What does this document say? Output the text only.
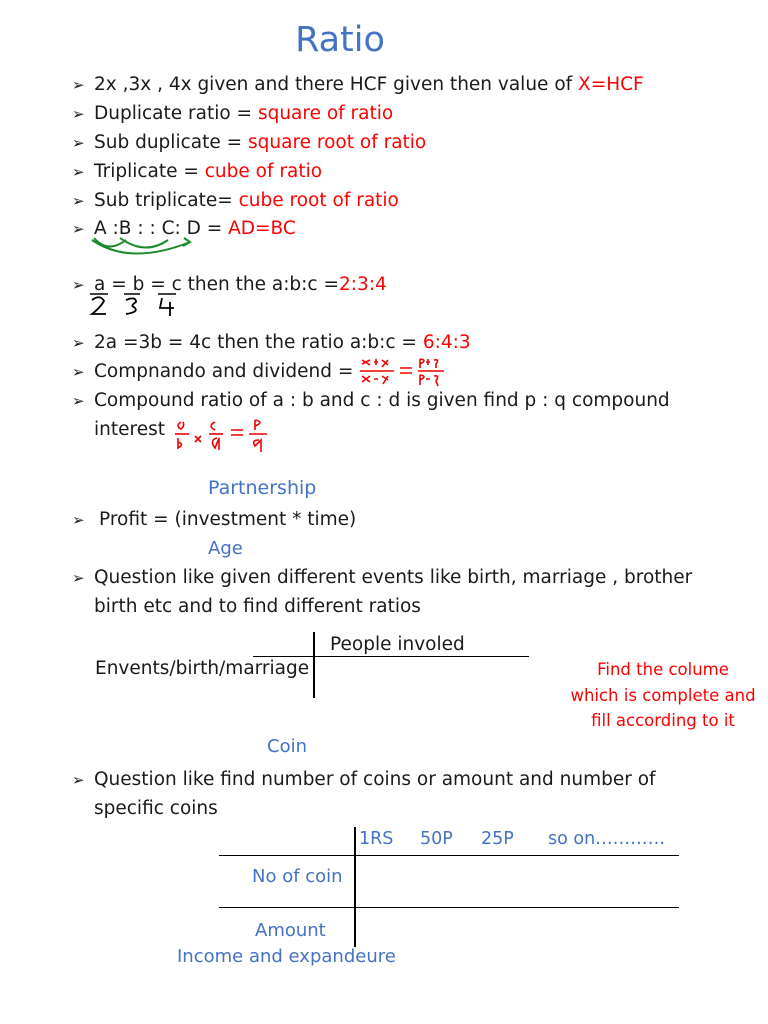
Ratio
➢ 2x ,3x , 4x given and there HCF given then value of X=HCF
➢ Duplicate ratio = square of ratio
➢ Sub duplicate = square root of ratio
➢ Triplicate = cube of ratio
➢ Sub triplicate= cube root of ratio
➢ A :B : : C: D = AD=BC
➢ a = b = c then the a:b:c =2:3:4
➢ 2a =3b = 4c then the ratio a:b:c = 6:4:3
➢ Compnando and dividend =
➢ Compound ratio of a : b and c : d is given find p : q compound
interest
Partnership
➢ Profit = (investment * time)
Age
➢ Question like given different events like birth, marriage , brother
birth etc and to find different ratios
People involed
Envents/birth/marriage	Find the colume
which is complete and
fill according to it
Coin
➢ Question like find number of coins or amount and number of
specific coins
1RS 50P 25P so on…………
No of coin
Amount
Income and expandeure
